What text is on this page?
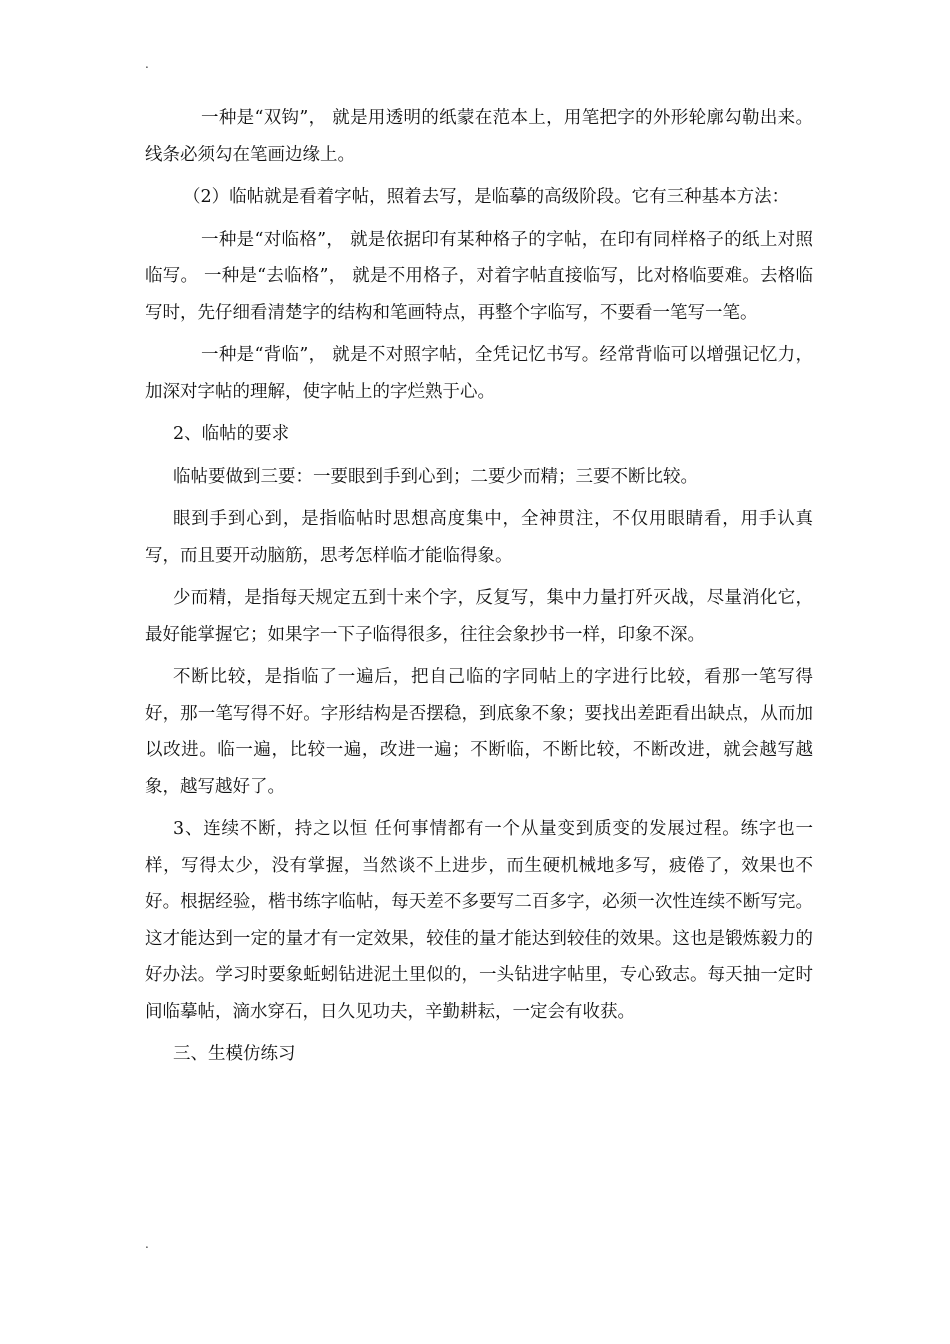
.

一种是“双钩”， 就是用透明的纸蒙在范本上，用笔把字的外形轮廓勾勒出来。线条必须勾在笔画边缘上。

（2）临帖就是看着字帖，照着去写，是临摹的高级阶段。它有三种基本方法：

一种是“对临格”， 就是依据印有某种格子的字帖，在印有同样格子的纸上对照临写。 一种是“去临格”， 就是不用格子，对着字帖直接临写，比对格临要难。去格临写时，先仔细看清楚字的结构和笔画特点，再整个字临写，不要看一笔写一笔。

一种是“背临”， 就是不对照字帖，全凭记忆书写。经常背临可以增强记忆力，加深对字帖的理解，使字帖上的字烂熟于心。

2、临帖的要求

临帖要做到三要：一要眼到手到心到；二要少而精；三要不断比较。

眼到手到心到，是指临帖时思想高度集中，全神贯注，不仅用眼睛看，用手认真写，而且要开动脑筋，思考怎样临才能临得象。

少而精，是指每天规定五到十来个字，反复写，集中力量打歼灭战，尽量消化它，最好能掌握它；如果字一下子临得很多，往往会象抄书一样，印象不深。

不断比较，是指临了一遍后，把自己临的字同帖上的字进行比较，看那一笔写得好，那一笔写得不好。字形结构是否摆稳，到底象不象；要找出差距看出缺点，从而加以改进。临一遍，比较一遍，改进一遍；不断临，不断比较，不断改进，就会越写越象，越写越好了。

3、连续不断，持之以恒 任何事情都有一个从量变到质变的发展过程。练字也一样，写得太少，没有掌握，当然谈不上进步，而生硬机械地多写，疲倦了，效果也不好。根据经验，楷书练字临帖，每天差不多要写二百多字，必须一次性连续不断写完。这才能达到一定的量才有一定效果，较佳的量才能达到较佳的效果。这也是锻炼毅力的好办法。学习时要象蚯蚓钻进泥土里似的，一头钻进字帖里，专心致志。每天抽一定时间临摹帖，滴水穿石，日久见功夫，辛勤耕耘，一定会有收获。

三、生模仿练习

.
